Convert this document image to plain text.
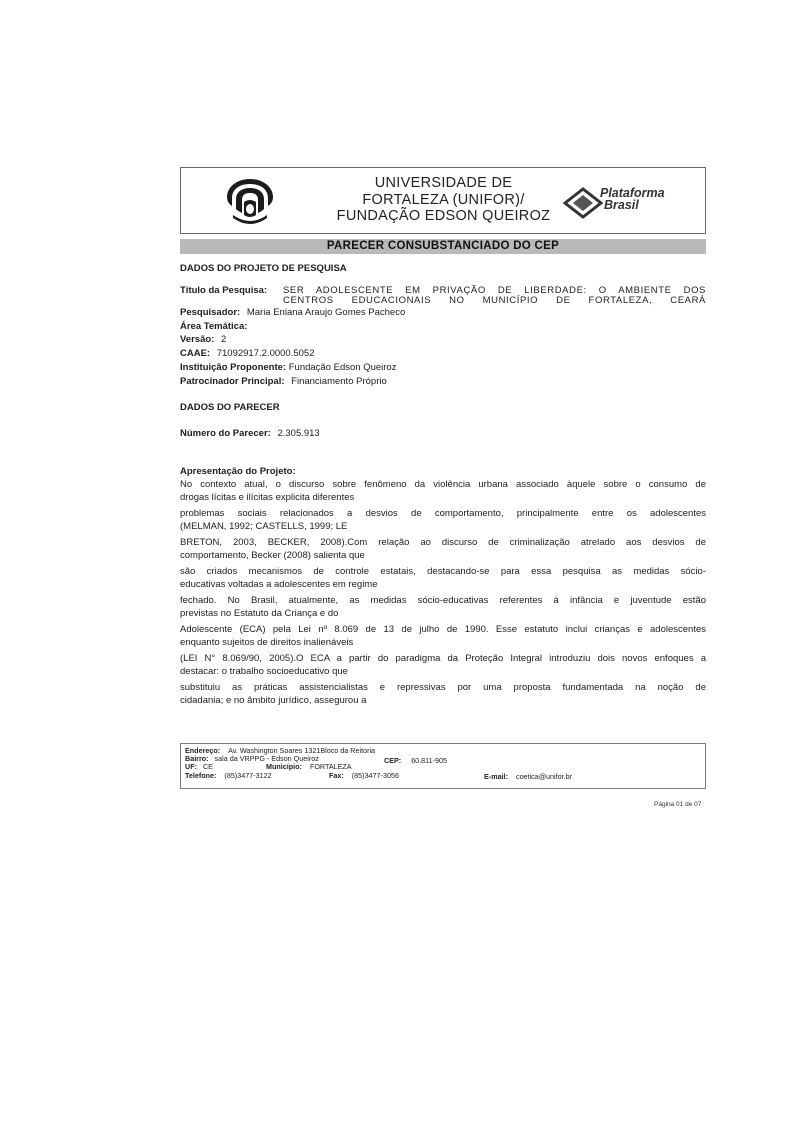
UNIVERSIDADE DE
FORTALEZA (UNIFOR)/
FUNDAÇÃO EDSON QUEIROZ
Plataforma
Brasil
PARECER CONSUBSTANCIADO DO CEP
DADOS DO PROJETO DE PESQUISA
Título da Pesquisa: SER ADOLESCENTE EM PRIVAÇÃO DE LIBERDADE: O AMBIENTE DOS
CENTROS EDUCACIONAIS NO MUNICÍPIO DE FORTALEZA, CEARÁ
Pesquisador: Maria Eniana Araujo Gomes Pacheco
Área Temática:
Versão: 2
CAAE: 71092917.2.0000.5052
Instituição Proponente: Fundação Edson Queiroz
Patrocinador Principal: Financiamento Próprio
DADOS DO PARECER
Número do Parecer: 2.305.913
Apresentação do Projeto:
No contexto atual, o discurso sobre fenômeno da violência urbana associado àquele sobre o consumo de
drogas lícitas e ilícitas explicita diferentes
problemas sociais relacionados a desvios de comportamento, principalmente entre os adolescentes
(MELMAN, 1992; CASTELLS, 1999; LE
BRETON, 2003, BECKER, 2008).Com relação ao discurso de criminalização atrelado aos desvios de
comportamento, Becker (2008) salienta que
são criados mecanismos de controle estatais, destacando-se para essa pesquisa as medidas sócio-
educativas voltadas a adolescentes em regime
fechado. No Brasil, atualmente, as medidas sócio-educativas referentes à infância e juventude estão
previstas no Estatuto da Criança e do
Adolescente (ECA) pela Lei nº 8.069 de 13 de julho de 1990. Esse estatuto inclui crianças e adolescentes
enquanto sujeitos de direitos inalienáveis
(LEI N° 8.069/90, 2005).O ECA a partir do paradigma da Proteção Integral introduziu dois novos enfoques a
destacar: o trabalho socioeducativo que
substituiu as práticas assistencialistas e repressivas por uma proposta fundamentada na noção de
cidadania; e no âmbito jurídico, assegurou a
Endereço: Av. Washington Soares 1321Bloco da Reitoria
Bairro: sala da VRPPG - Edson Queiroz	CEP: 60.811-905
UF: CE	Município: FORTALEZA
Telefone: (85)3477-3122	Fax: (85)3477-3056	E-mail: coetica@unifor.br
Página 01 de 07
